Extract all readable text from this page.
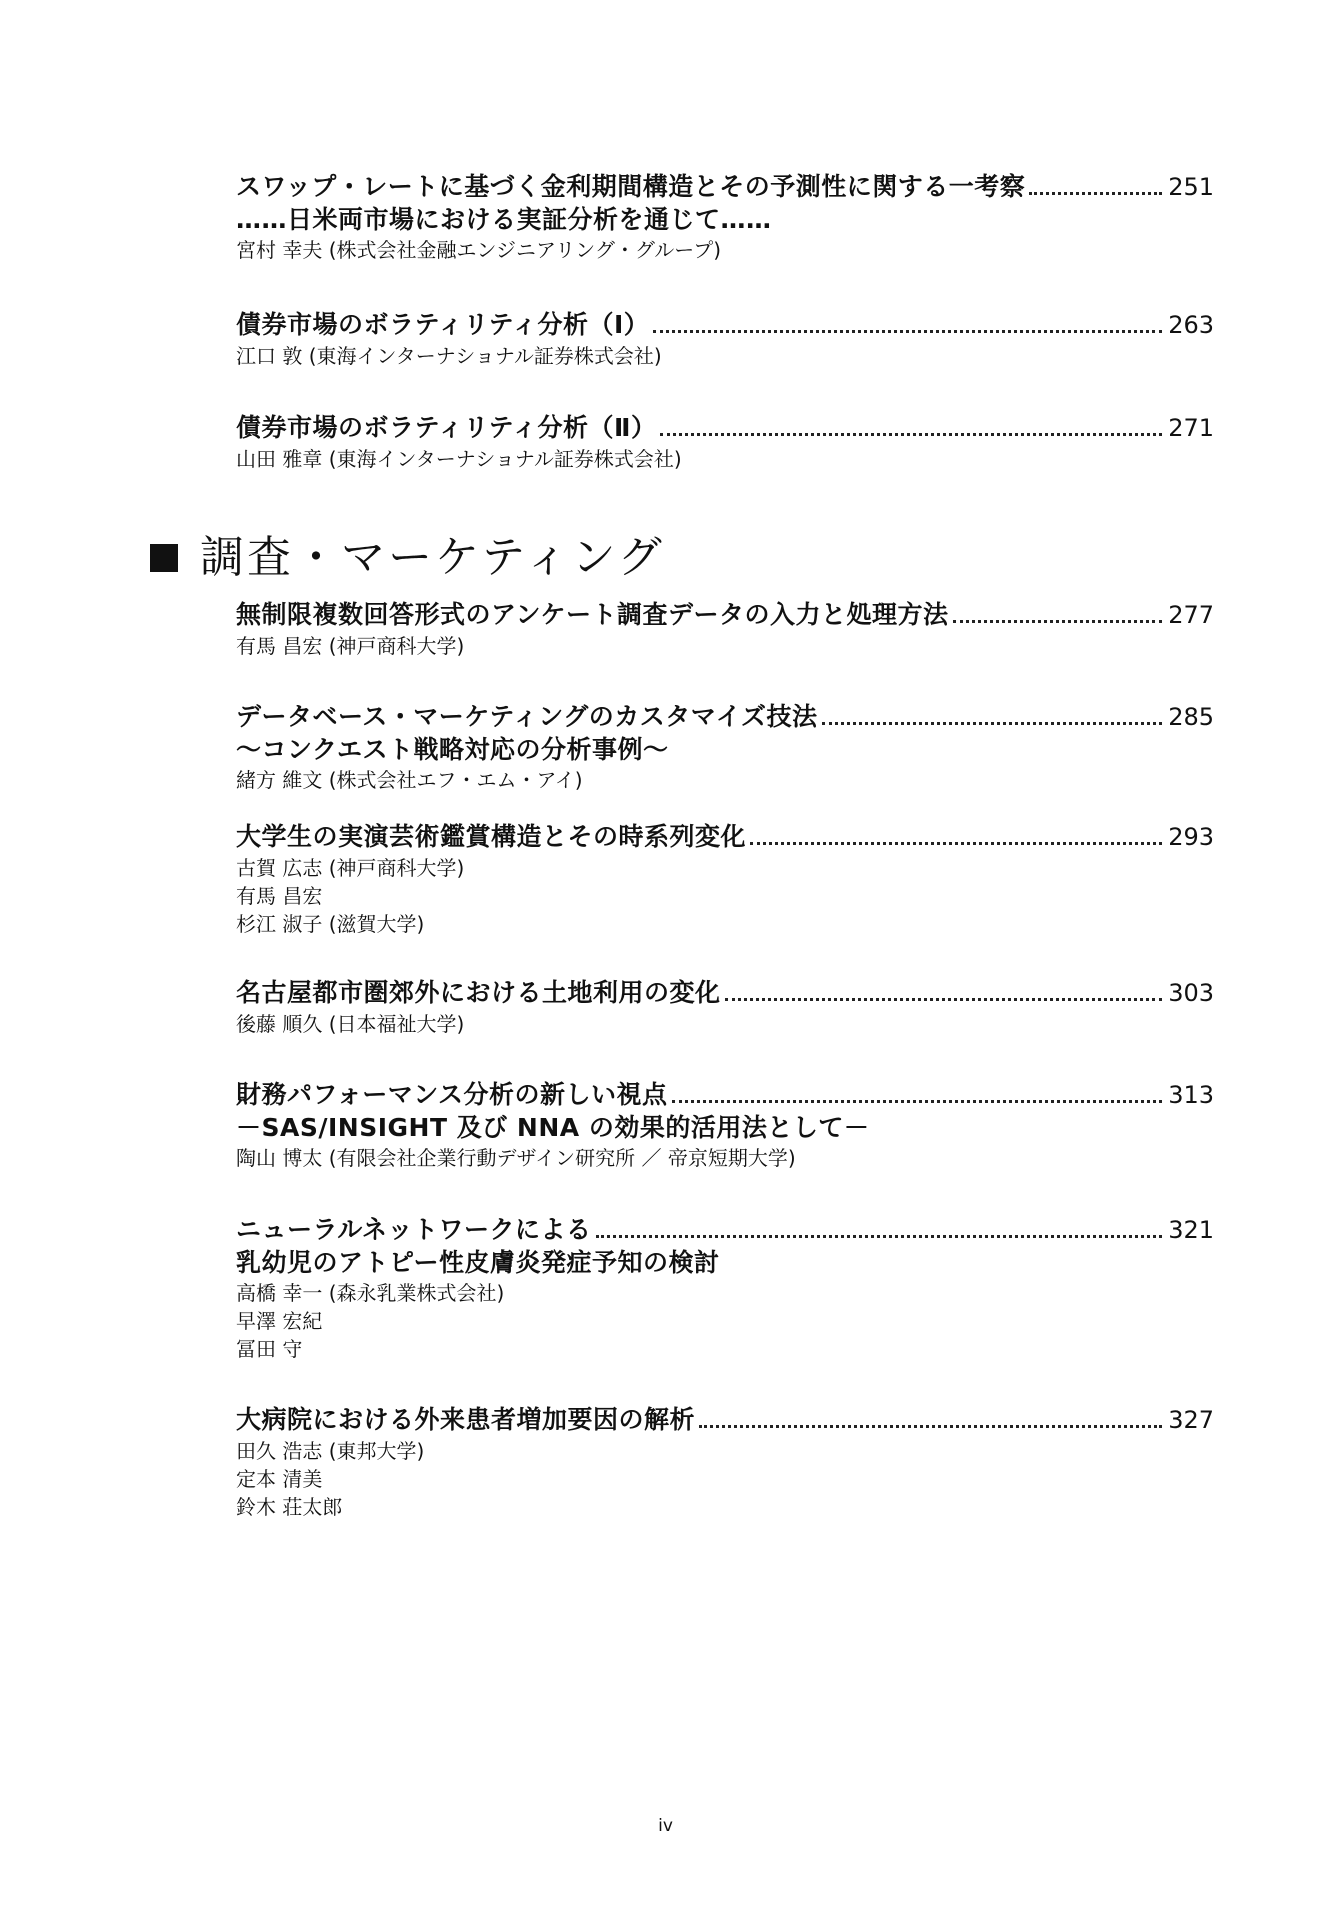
スワップ・レートに基づく金利期間構造とその予測性に関する一考察	251
……日米両市場における実証分析を通じて……
宮村 幸夫 (株式会社金融エンジニアリング・グループ)
債券市場のボラティリティ分析（Ⅰ）	263
江口 敦 (東海インターナショナル証券株式会社)
債券市場のボラティリティ分析（Ⅱ）	271
山田 雅章 (東海インターナショナル証券株式会社)
調査・マーケティング
無制限複数回答形式のアンケート調査データの入力と処理方法	277
有馬 昌宏 (神戸商科大学)
データベース・マーケティングのカスタマイズ技法	285
〜コンクエスト戦略対応の分析事例〜
緒方 維文 (株式会社エフ・エム・アイ)
大学生の実演芸術鑑賞構造とその時系列変化	293
古賀 広志 (神戸商科大学)
有馬 昌宏
杉江 淑子 (滋賀大学)
名古屋都市圏郊外における土地利用の変化	303
後藤 順久 (日本福祉大学)
財務パフォーマンス分析の新しい視点	313
－SAS/INSIGHT 及び NNA の効果的活用法として－
陶山 博太 (有限会社企業行動デザイン研究所 ／ 帝京短期大学)
ニューラルネットワークによる	321
乳幼児のアトピー性皮膚炎発症予知の検討
高橋 幸一 (森永乳業株式会社)
早澤 宏紀
冨田 守
大病院における外来患者増加要因の解析	327
田久 浩志 (東邦大学)
定本 清美
鈴木 荘太郎
iv
